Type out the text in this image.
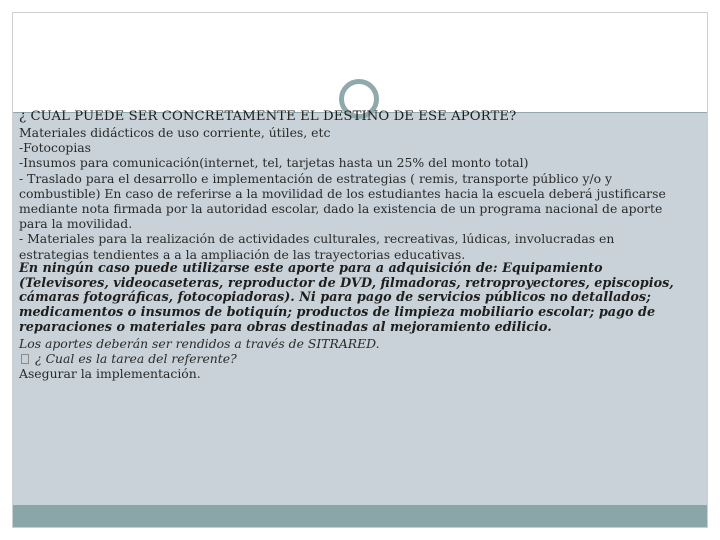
¿ CUAL PUEDE SER CONCRETAMENTE EL DESTINO DE ESE APORTE?

Materiales didácticos de uso corriente, útiles, etc

-Fotocopias

-Insumos para comunicación(internet, tel, tarjetas hasta un 25% del monto total)

- Traslado para el desarrollo e implementación de estrategias ( remis, transporte público y/o y combustible) En caso de referirse a la movilidad de los estudiantes hacia la escuela deberá justificarse mediante nota firmada por la autoridad escolar, dado la existencia de un programa nacional de aporte para la movilidad.

- Materiales para la realización de actividades culturales, recreativas, lúdicas, involucradas en estrategias tendientes a a la ampliación de las trayectorias educativas.

En ningún caso puede utilizarse este aporte para a adquisición de: Equipamiento (Televisores, videocaseteras, reproductor de DVD, filmadoras, retroproyectores, episcopios, cámaras fotográficas, fotocopiadoras). Ni para pago de servicios públicos no detallados; medicamentos o insumos de botiquín; productos de limpieza mobiliario escolar; pago de reparaciones o materiales para obras destinadas al mejoramiento edilicio.

Los aportes deberán ser rendidos a través de SITRARED.

¿ Cual es la tarea del referente?

Asegurar la implementación.
